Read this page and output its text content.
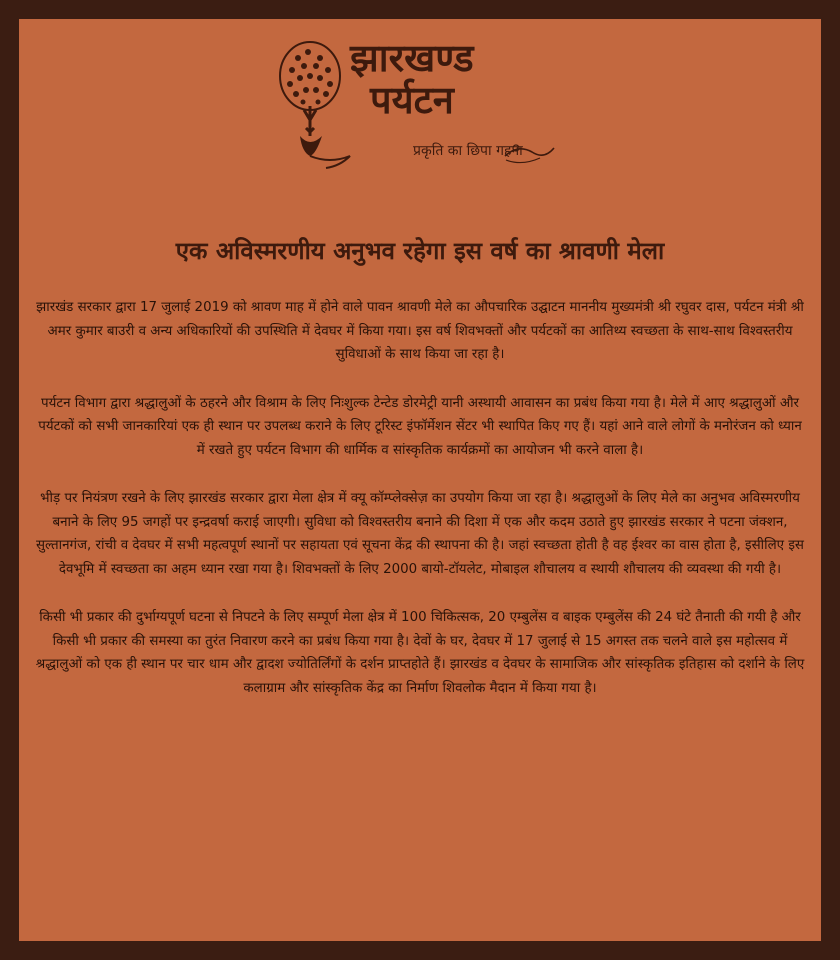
झारखण्ड
पर्यटन
प्रकृति का छिपा गहना
एक अविस्मरणीय अनुभव रहेगा इस वर्ष का श्रावणी मेला

झारखंड सरकार द्वारा 17 जुलाई 2019 को श्रावण माह में होने वाले पावन श्रावणी मेले का औपचारिक उद्घाटन माननीय मुख्यमंत्री श्री रघुवर दास, पर्यटन मंत्री श्री अमर कुमार बाउरी व अन्य अधिकारियों की उपस्थिति में देवघर में किया गया। इस वर्ष शिवभक्तों और पर्यटकों का आतिथ्य स्वच्छता के साथ-साथ विश्वस्तरीय सुविधाओं के साथ किया जा रहा है।

पर्यटन विभाग द्वारा श्रद्धालुओं के ठहरने और विश्राम के लिए निःशुल्क टेन्टेड डोरमेट्री यानी अस्थायी आवासन का प्रबंध किया गया है। मेले में आए श्रद्धालुओं और पर्यटकों को सभी जानकारियां एक ही स्थान पर उपलब्ध कराने के लिए टूरिस्ट इंफॉर्मेशन सेंटर भी स्थापित किए गए हैं। यहां आने वाले लोगों के मनोरंजन को ध्यान में रखते हुए पर्यटन विभाग की धार्मिक व सांस्कृतिक कार्यक्रमों का आयोजन भी करने वाला है।

भीड़ पर नियंत्रण रखने के लिए झारखंड सरकार द्वारा मेला क्षेत्र में क्यू कॉम्प्लेक्सेज़ का उपयोग किया जा रहा है। श्रद्धालुओं के लिए मेले का अनुभव अविस्मरणीय बनाने के लिए 95 जगहों पर इन्द्रवर्षा कराई जाएगी। सुविधा को विश्वस्तरीय बनाने की दिशा में एक और कदम उठाते हुए झारखंड सरकार ने पटना जंक्शन, सुल्तानगंज, रांची व देवघर में सभी महत्वपूर्ण स्थानों पर सहायता एवं सूचना केंद्र की स्थापना की है। जहां स्वच्छता होती है वह ईश्वर का वास होता है, इसीलिए इस देवभूमि में स्वच्छता का अहम ध्यान रखा गया है। शिवभक्तों के लिए 2000 बायो-टॉयलेट, मोबाइल शौचालय व स्थायी शौचालय की व्यवस्था की गयी है।

किसी भी प्रकार की दुर्भाग्यपूर्ण घटना से निपटने के लिए सम्पूर्ण मेला क्षेत्र में 100 चिकित्सक, 20 एम्बुलेंस व बाइक एम्बुलेंस की 24 घंटे तैनाती की गयी है और किसी भी प्रकार की समस्या का तुरंत निवारण करने का प्रबंध किया गया है। देवों के घर, देवघर में 17 जुलाई से 15 अगस्त तक चलने वाले इस महोत्सव में श्रद्धालुओं को एक ही स्थान पर चार धाम और द्वादश ज्योतिर्लिंगों के दर्शन प्राप्तहोते हैं। झारखंड व देवघर के सामाजिक और सांस्कृतिक इतिहास को दर्शाने के लिए कलाग्राम और सांस्कृतिक केंद्र का निर्माण शिवलोक मैदान में किया गया है।
